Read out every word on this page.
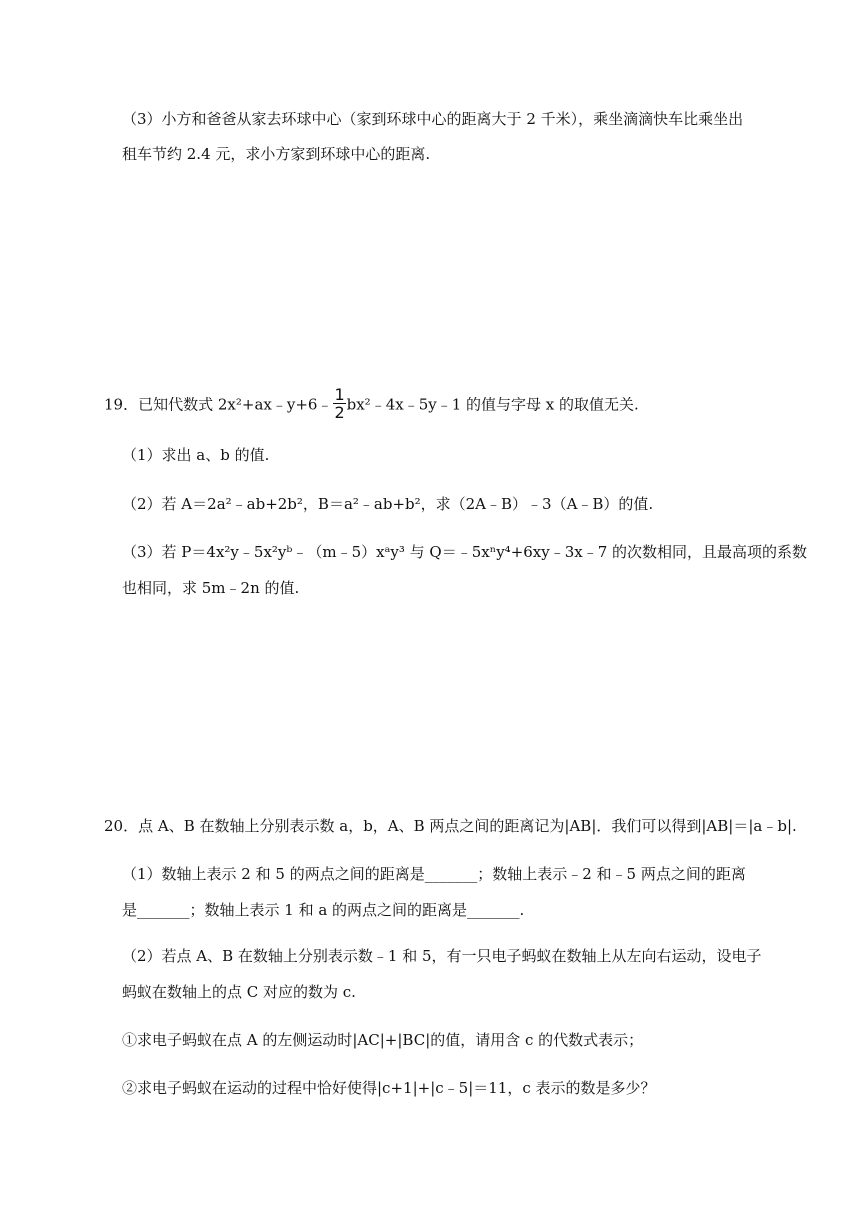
（3）小方和爸爸从家去环球中心（家到环球中心的距离大于 2 千米），乘坐滴滴快车比乘坐出
租车节约 2.4 元，求小方家到环球中心的距离.
19．已知代数式 2x²+ax﹣y+6﹣ $\frac{1}{2}$ bx²﹣4x﹣5y﹣1 的值与字母 x 的取值无关.
（1）求出 a、b 的值.
（2）若 A＝2a²﹣ab+2b²，B＝a²﹣ab+b²，求（2A﹣B）﹣3（A﹣B）的值.
（3）若 P＝4x²y﹣5x²yᵇ﹣（m﹣5）xᵃy³ 与 Q＝﹣5xⁿy⁴+6xy﹣3x﹣7 的次数相同，且最高项的系数
也相同，求 5m﹣2n 的值.
20．点 A、B 在数轴上分别表示数 a，b，A、B 两点之间的距离记为|AB|．我们可以得到|AB|＝|a﹣b|.
（1）数轴上表示 2 和 5 的两点之间的距离是_______；数轴上表示﹣2 和﹣5 两点之间的距离
是_______；数轴上表示 1 和 a 的两点之间的距离是_______.
（2）若点 A、B 在数轴上分别表示数﹣1 和 5，有一只电子蚂蚁在数轴上从左向右运动，设电子
蚂蚁在数轴上的点 C 对应的数为 c.
①求电子蚂蚁在点 A 的左侧运动时|AC|+|BC|的值，请用含 c 的代数式表示；
②求电子蚂蚁在运动的过程中恰好使得|c+1|+|c﹣5|＝11，c 表示的数是多少？
